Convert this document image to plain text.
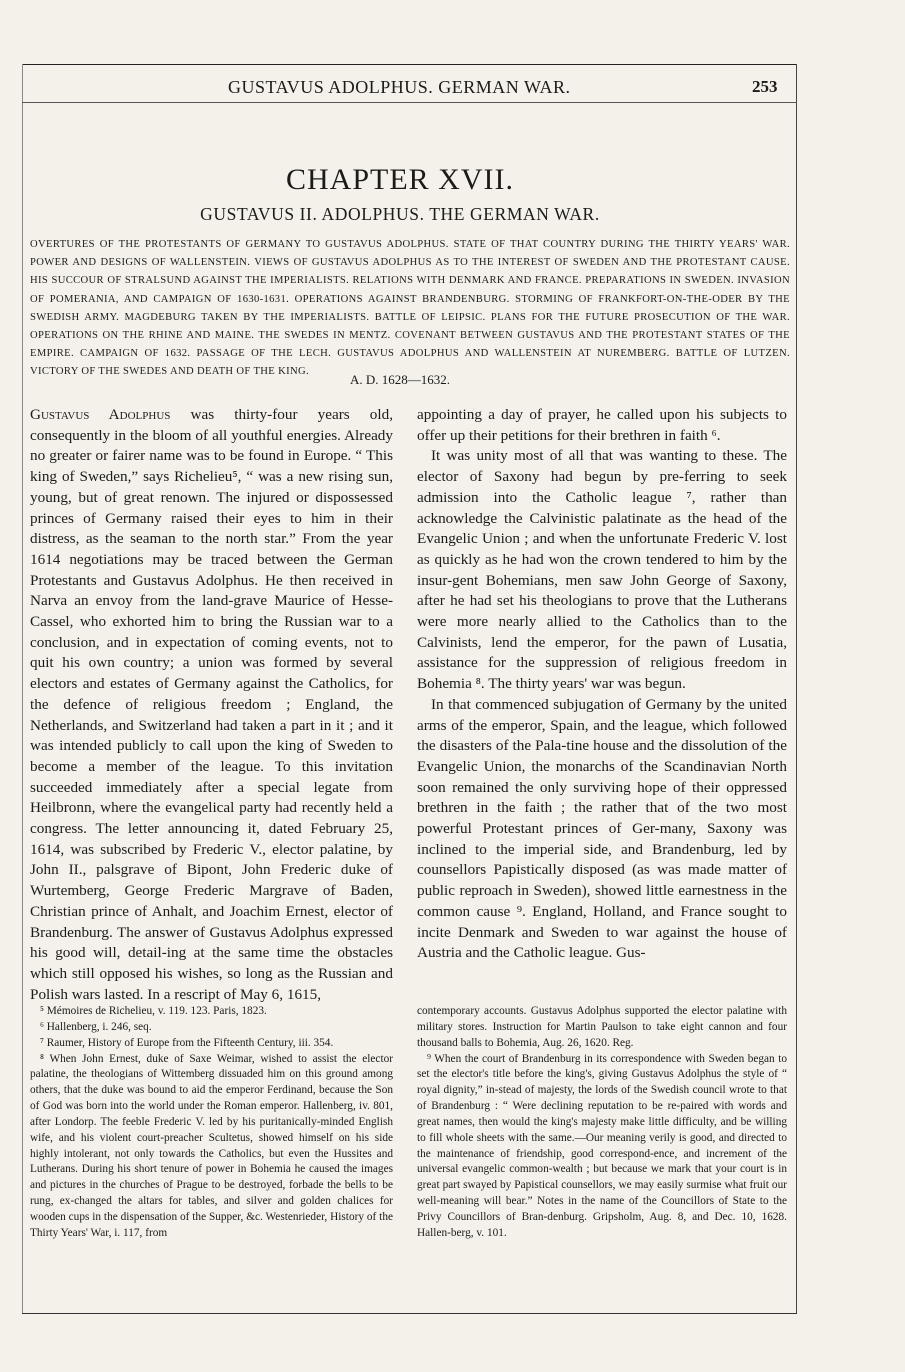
GUSTAVUS ADOLPHUS. GERMAN WAR.	253
CHAPTER XVII.
GUSTAVUS II. ADOLPHUS. THE GERMAN WAR.
OVERTURES OF THE PROTESTANTS OF GERMANY TO GUSTAVUS ADOLPHUS. STATE OF THAT COUNTRY DURING THE THIRTY YEARS' WAR. POWER AND DESIGNS OF WALLENSTEIN. VIEWS OF GUSTAVUS ADOLPHUS AS TO THE INTEREST OF SWEDEN AND THE PROTESTANT CAUSE. HIS SUCCOUR OF STRALSUND AGAINST THE IMPERIALISTS. RELATIONS WITH DENMARK AND FRANCE. PREPARATIONS IN SWEDEN. INVASION OF POMERANIA, AND CAMPAIGN OF 1630-1631. OPERATIONS AGAINST BRANDENBURG. STORMING OF FRANKFORT-ON-THE-ODER BY THE SWEDISH ARMY. MAGDEBURG TAKEN BY THE IMPERIALISTS. BATTLE OF LEIPSIC. PLANS FOR THE FUTURE PROSECUTION OF THE WAR. OPERATIONS ON THE RHINE AND MAINE. THE SWEDES IN MENTZ. COVENANT BETWEEN GUSTAVUS AND THE PROTESTANT STATES OF THE EMPIRE. CAMPAIGN OF 1632. PASSAGE OF THE LECH. GUSTAVUS ADOLPHUS AND WALLENSTEIN AT NUREMBERG. BATTLE OF LUTZEN. VICTORY OF THE SWEDES AND DEATH OF THE KING.
A. D. 1628—1632.

Gustavus Adolphus was thirty-four years old, consequently in the bloom of all youthful energies. Already no greater or fairer name was to be found in Europe. “ This king of Sweden,” says Richelieu⁵, “ was a new rising sun, young, but of great renown. The injured or dispossessed princes of Germany raised their eyes to him in their distress, as the seaman to the north star.” From the year 1614 negotiations may be traced between the German Protestants and Gustavus Adolphus. He then received in Narva an envoy from the land-grave Maurice of Hesse-Cassel, who exhorted him to bring the Russian war to a conclusion, and in expectation of coming events, not to quit his own country; a union was formed by several electors and estates of Germany against the Catholics, for the defence of religious freedom ; England, the Netherlands, and Switzerland had taken a part in it ; and it was intended publicly to call upon the king of Sweden to become a member of the league. To this invitation succeeded immediately after a special legate from Heilbronn, where the evangelical party had recently held a congress. The letter announcing it, dated February 25, 1614, was subscribed by Frederic V., elector palatine, by John II., palsgrave of Bipont, John Frederic duke of Wurtemberg, George Frederic Margrave of Baden, Christian prince of Anhalt, and Joachim Ernest, elector of Brandenburg. The answer of Gustavus Adolphus expressed his good will, detail-ing at the same time the obstacles which still opposed his wishes, so long as the Russian and Polish wars lasted. In a rescript of May 6, 1615,

appointing a day of prayer, he called upon his subjects to offer up their petitions for their brethren in faith ⁶.

It was unity most of all that was wanting to these. The elector of Saxony had begun by pre-ferring to seek admission into the Catholic league ⁷, rather than acknowledge the Calvinistic palatinate as the head of the Evangelic Union ; and when the unfortunate Frederic V. lost as quickly as he had won the crown tendered to him by the insur-gent Bohemians, men saw John George of Saxony, after he had set his theologians to prove that the Lutherans were more nearly allied to the Catholics than to the Calvinists, lend the emperor, for the pawn of Lusatia, assistance for the suppression of religious freedom in Bohemia ⁸. The thirty years' war was begun.

In that commenced subjugation of Germany by the united arms of the emperor, Spain, and the league, which followed the disasters of the Pala-tine house and the dissolution of the Evangelic Union, the monarchs of the Scandinavian North soon remained the only surviving hope of their oppressed brethren in the faith ; the rather that of the two most powerful Protestant princes of Ger-many, Saxony was inclined to the imperial side, and Brandenburg, led by counsellors Papistically disposed (as was made matter of public reproach in Sweden), showed little earnestness in the common cause ⁹. England, Holland, and France sought to incite Denmark and Sweden to war against the house of Austria and the Catholic league. Gus-

⁵ Mémoires de Richelieu, v. 119. 123. Paris, 1823.

⁶ Hallenberg, i. 246, seq.

⁷ Raumer, History of Europe from the Fifteenth Century, iii. 354.

⁸ When John Ernest, duke of Saxe Weimar, wished to assist the elector palatine, the theologians of Wittemberg dissuaded him on this ground among others, that the duke was bound to aid the emperor Ferdinand, because the Son of God was born into the world under the Roman emperor. Hallenberg, iv. 801, after Londorp. The feeble Frederic V. led by his puritanically-minded English wife, and his violent court-preacher Scultetus, showed himself on his side highly intolerant, not only towards the Catholics, but even the Hussites and Lutherans. During his short tenure of power in Bohemia he caused the images and pictures in the churches of Prague to be destroyed, forbade the bells to be rung, ex-changed the altars for tables, and silver and golden chalices for wooden cups in the dispensation of the Supper, &c. Westenrieder, History of the Thirty Years' War, i. 117, from

contemporary accounts. Gustavus Adolphus supported the elector palatine with military stores. Instruction for Martin Paulson to take eight cannon and four thousand balls to Bohemia, Aug. 26, 1620. Reg.

⁹ When the court of Brandenburg in its correspondence with Sweden began to set the elector's title before the king's, giving Gustavus Adolphus the style of “ royal dignity,” in-stead of majesty, the lords of the Swedish council wrote to that of Brandenburg : “ Were declining reputation to be re-paired with words and great names, then would the king's majesty make little difficulty, and be willing to fill whole sheets with the same.—Our meaning verily is good, and directed to the maintenance of friendship, good correspond-ence, and increment of the universal evangelic common-wealth ; but because we mark that your court is in great part swayed by Papistical counsellors, we may easily surmise what fruit our well-meaning will bear.” Notes in the name of the Councillors of State to the Privy Councillors of Bran-denburg. Gripsholm, Aug. 8, and Dec. 10, 1628. Hallen-berg, v. 101.
